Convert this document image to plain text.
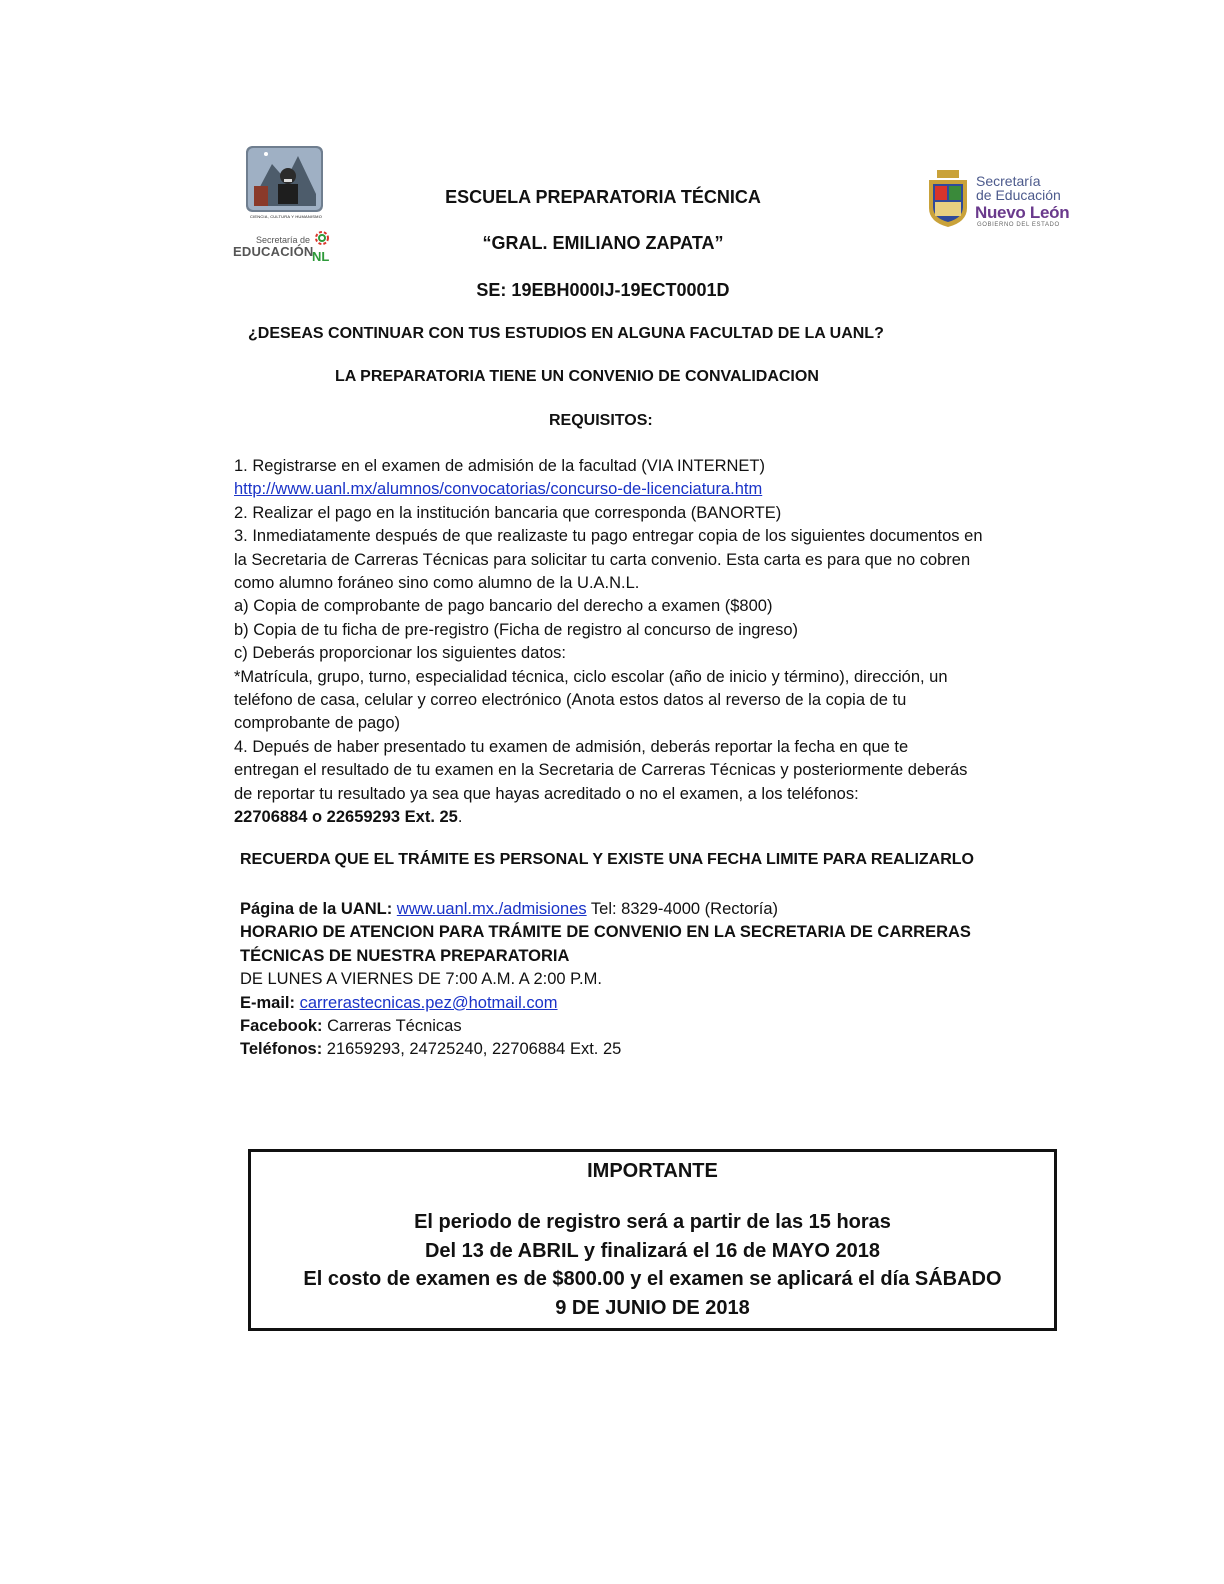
CIENCIA, CULTURA Y HUMANISMO
Secretaría de
EDUCACIÓN
NL
Secretaría
de Educación
Nuevo León
GOBIERNO DEL ESTADO
ESCUELA PREPARATORIA TÉCNICA
“GRAL. EMILIANO ZAPATA”
SE: 19EBH000IJ-19ECT0001D
¿DESEAS CONTINUAR CON TUS ESTUDIOS EN ALGUNA FACULTAD DE LA UANL?
LA PREPARATORIA TIENE UN CONVENIO DE CONVALIDACION
REQUISITOS:
1. Registrarse en el examen de admisión de la facultad (VIA INTERNET)
http://www.uanl.mx/alumnos/convocatorias/concurso-de-licenciatura.htm
2. Realizar el pago en la institución bancaria que corresponda (BANORTE)
3. Inmediatamente después de que realizaste tu pago entregar copia de los siguientes documentos en
la Secretaria de Carreras Técnicas para solicitar tu carta convenio. Esta carta es para que no cobren
como alumno foráneo sino como alumno de la U.A.N.L.
a) Copia de comprobante de pago bancario del derecho a examen ($800)
b) Copia de tu ficha de pre-registro (Ficha de registro al concurso de ingreso)
c) Deberás proporcionar los siguientes datos:
*Matrícula, grupo, turno, especialidad técnica, ciclo escolar (año de inicio y término), dirección, un
teléfono de casa, celular y correo electrónico (Anota estos datos al reverso de la copia de tu
comprobante de pago)
4. Depués de haber presentado tu examen de admisión, deberás reportar la fecha en que te
entregan el resultado de tu examen en la Secretaria de Carreras Técnicas y posteriormente deberás
de reportar tu resultado ya sea que hayas acreditado o no el examen, a los teléfonos:
22706884 o 22659293 Ext. 25.
RECUERDA QUE EL TRÁMITE ES PERSONAL Y EXISTE UNA FECHA LIMITE PARA REALIZARLO
Página de la UANL: www.uanl.mx./admisiones Tel: 8329-4000 (Rectoría)
HORARIO DE ATENCION PARA TRÁMITE DE CONVENIO EN LA SECRETARIA DE CARRERAS
TÉCNICAS DE NUESTRA PREPARATORIA
DE LUNES A VIERNES DE 7:00 A.M. A 2:00 P.M.
E-mail: carrerastecnicas.pez@hotmail.com
Facebook: Carreras Técnicas
Teléfonos: 21659293, 24725240, 22706884 Ext. 25
IMPORTANTE
El periodo de registro será a partir de las 15 horas
Del 13 de ABRIL y finalizará el 16 de MAYO 2018
El costo de examen es de $800.00 y el examen se aplicará el día SÁBADO
9 DE JUNIO DE 2018
